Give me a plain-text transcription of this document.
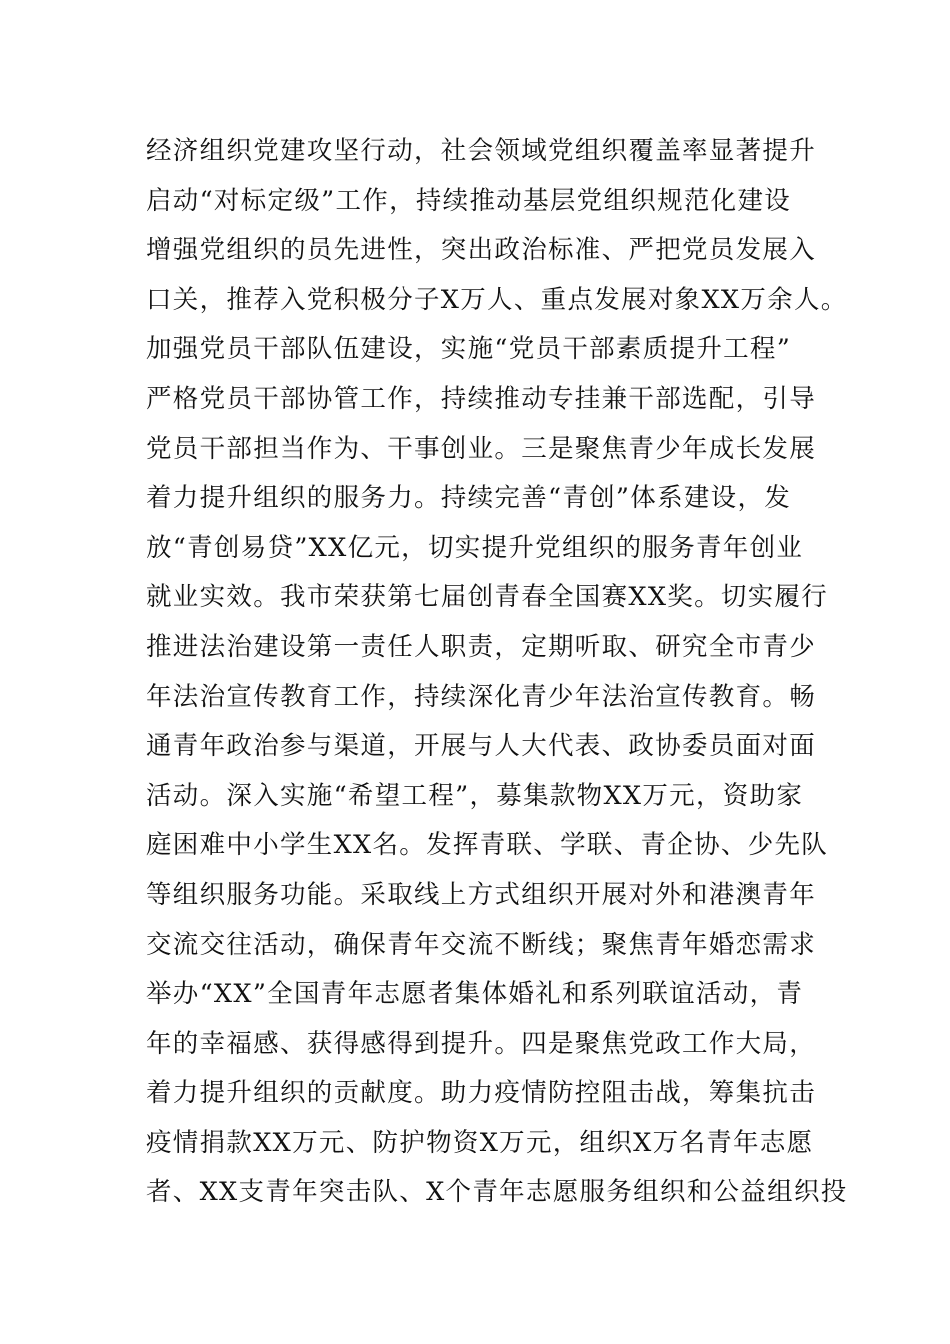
经济组织党建攻坚行动，社会领域党组织覆盖率显著提升
启动“对标定级”工作，持续推动基层党组织规范化建设
增强党组织的员先进性，突出政治标准、严把党员发展入
口关，推荐入党积极分子X万人、重点发展对象XX万余人。
加强党员干部队伍建设，实施“党员干部素质提升工程”
严格党员干部协管工作，持续推动专挂兼干部选配，引导
党员干部担当作为、干事创业。三是聚焦青少年成长发展
着力提升组织的服务力。持续完善“青创”体系建设，发
放“青创易贷”XX亿元，切实提升党组织的服务青年创业
就业实效。我市荣获第七届创青春全国赛XX奖。切实履行
推进法治建设第一责任人职责，定期听取、研究全市青少
年法治宣传教育工作，持续深化青少年法治宣传教育。畅
通青年政治参与渠道，开展与人大代表、政协委员面对面
活动。深入实施“希望工程”，募集款物XX万元，资助家
庭困难中小学生XX名。发挥青联、学联、青企协、少先队
等组织服务功能。采取线上方式组织开展对外和港澳青年
交流交往活动，确保青年交流不断线；聚焦青年婚恋需求
举办“XX”全国青年志愿者集体婚礼和系列联谊活动，青
年的幸福感、获得感得到提升。四是聚焦党政工作大局，
着力提升组织的贡献度。助力疫情防控阻击战，筹集抗击
疫情捐款XX万元、防护物资X万元，组织X万名青年志愿
者、XX支青年突击队、X个青年志愿服务组织和公益组织投
